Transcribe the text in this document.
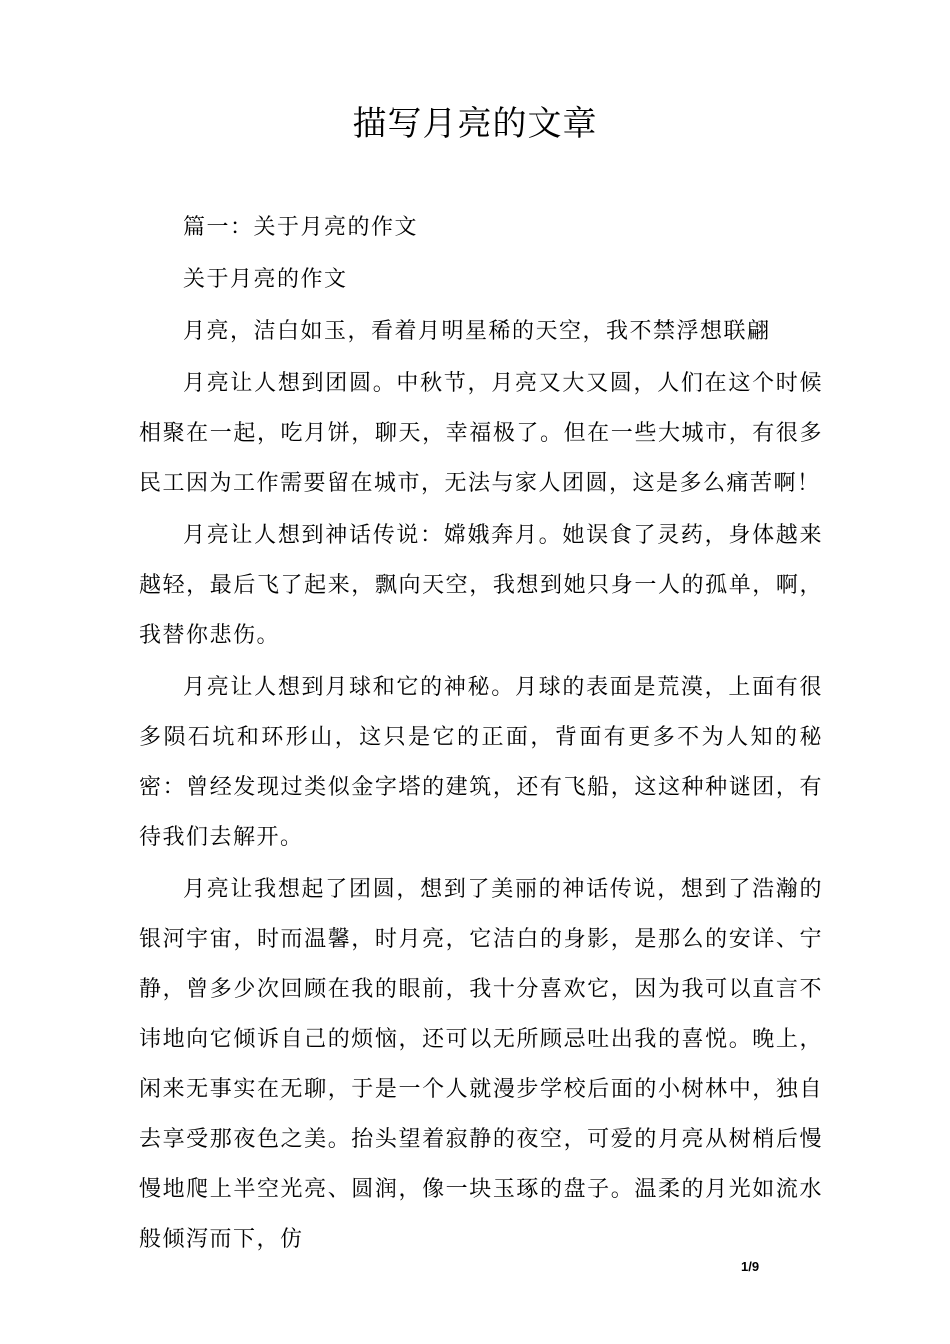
描写月亮的文章

篇一：关于月亮的作文

关于月亮的作文

月亮，洁白如玉，看着月明星稀的天空，我不禁浮想联翩

月亮让人想到团圆。中秋节，月亮又大又圆，人们在这个时候相聚在一起，吃月饼，聊天，幸福极了。但在一些大城市，有很多民工因为工作需要留在城市，无法与家人团圆，这是多么痛苦啊！

月亮让人想到神话传说：嫦娥奔月。她误食了灵药，身体越来越轻，最后飞了起来，飘向天空，我想到她只身一人的孤单，啊，我替你悲伤。

月亮让人想到月球和它的神秘。月球的表面是荒漠，上面有很多陨石坑和环形山，这只是它的正面，背面有更多不为人知的秘密：曾经发现过类似金字塔的建筑，还有飞船，这这种种谜团，有待我们去解开。

月亮让我想起了团圆，想到了美丽的神话传说，想到了浩瀚的银河宇宙，时而温馨，时月亮，它洁白的身影，是那么的安详、宁静，曾多少次回顾在我的眼前，我十分喜欢它，因为我可以直言不讳地向它倾诉自己的烦恼，还可以无所顾忌吐出我的喜悦。晚上，闲来无事实在无聊，于是一个人就漫步学校后面的小树林中，独自去享受那夜色之美。抬头望着寂静的夜空，可爱的月亮从树梢后慢慢地爬上半空光亮、圆润，像一块玉琢的盘子。温柔的月光如流水般倾泻而下，仿

1/9
